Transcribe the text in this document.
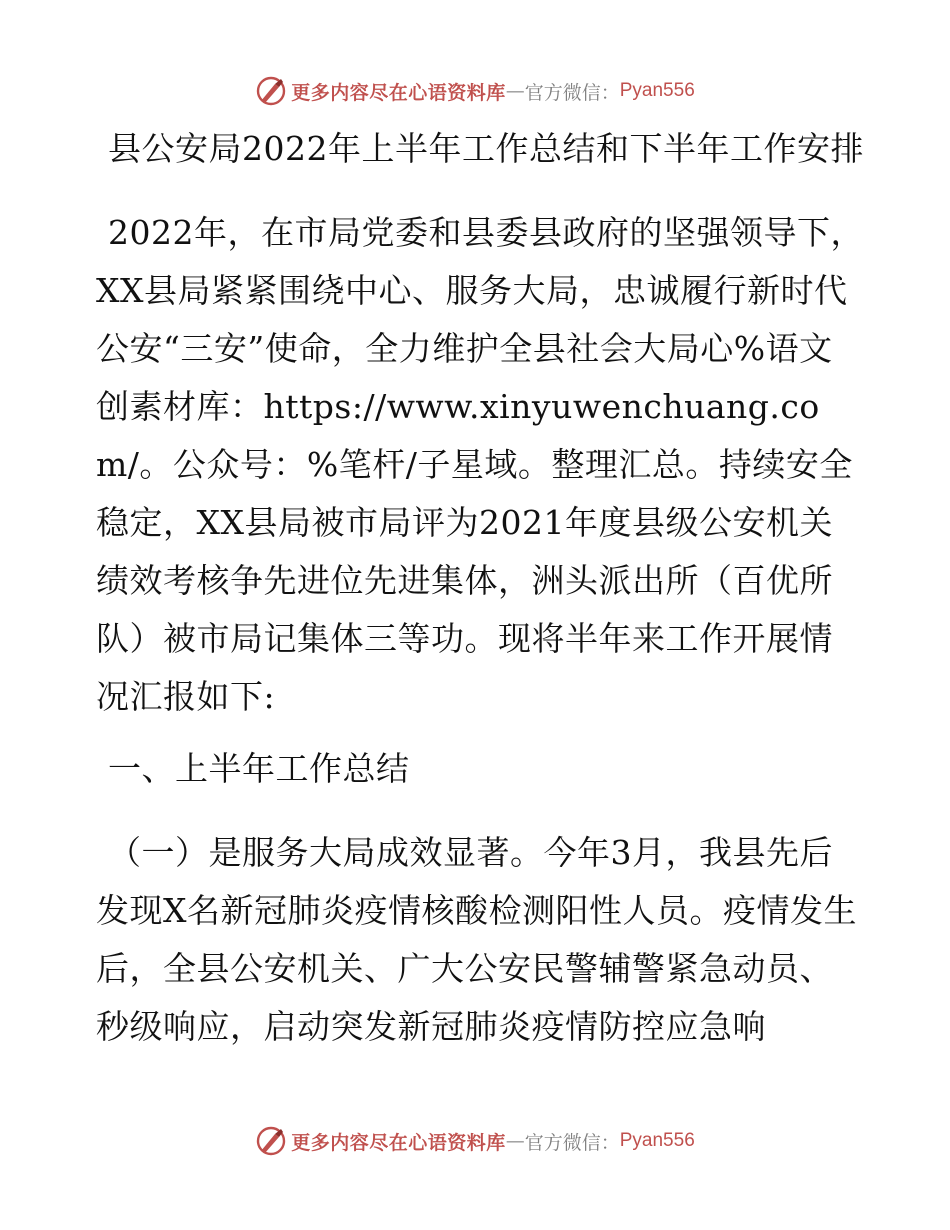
更多内容尽在心语资料库 — 官方微信： Pyan556

县公安局2022年上半年工作总结和下半年工作安排

2022年，在市局党委和县委县政府的坚强领导下，XX县局紧紧围绕中心、服务大局，忠诚履行新时代公安“三安”使命，全力维护全县社会大局心%语文创素材库：https://www.xinyuwenchuang.com/。公众号：%笔杆/子星域。整理汇总。持续安全稳定，XX县局被市局评为2021年度县级公安机关绩效考核争先进位先进集体，洲头派出所（百优所队）被市局记集体三等功。现将半年来工作开展情况汇报如下:

一、上半年工作总结

（一）是服务大局成效显著。今年3月，我县先后发现X名新冠肺炎疫情核酸检测阳性人员。疫情发生后，全县公安机关、广大公安民警辅警紧急动员、秒级响应，启动突发新冠肺炎疫情防控应急响

更多内容尽在心语资料库 — 官方微信： Pyan556
